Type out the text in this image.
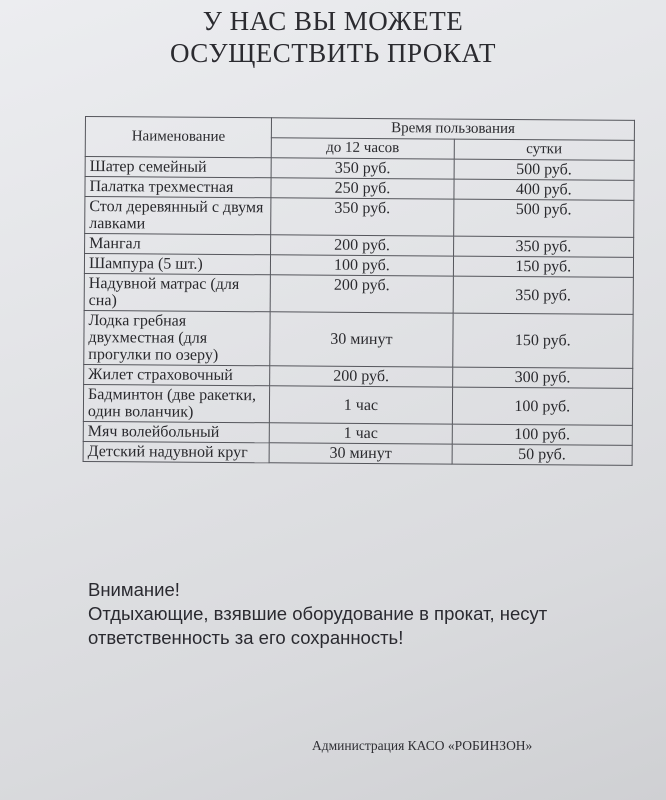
У НАС ВЫ МОЖЕТЕ
ОСУЩЕСТВИТЬ ПРОКАТ
Наименование	Время пользования	
	до 12 часов	сутки
Шатер семейный	350 руб.	500 руб.
Палатка трехместная	250 руб.	400 руб.
Стол деревянный с двумя лавками	350 руб.	500 руб.
Мангал	200 руб.	350 руб.
Шампура (5 шт.)	100 руб.	150 руб.
Надувной матрас (для сна)	200 руб.	350 руб.
Лодка гребная двухместная (для прогулки по озеру)	30 минут	150 руб.
Жилет страховочный	200 руб.	300 руб.
Бадминтон (две ракетки, один воланчик)	1 час	100 руб.
Мяч волейбольный	1 час	100 руб.
Детский надувной круг	30 минут	50 руб.
Внимание!
Отдыхающие, взявшие оборудование в прокат, несут
ответственность за его сохранность!
Администрация КАСО «РОБИНЗОН»
